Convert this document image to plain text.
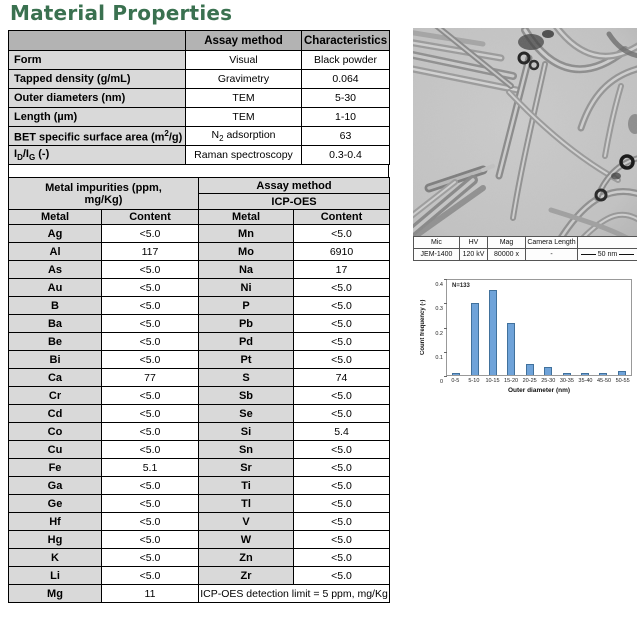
Material Properties
	Assay method	Characteristics
Form	Visual	Black powder
Tapped density (g/mL)	Gravimetry	0.064
Outer diameters (nm)	TEM	5-30
Length (µm)	TEM	1-10
BET specific surface area $(m^2/g)$	$N_2$ adsorption	63
$I_D/I_G$ (-)	Raman spectroscopy	0.3-0.4
Metal impurities (ppm, mg/Kg)		Assay method	
		ICP-OES	
Metal	Content	Metal	Content
Ag	<5.0	Mn	<5.0
Al	117	Mo	6910
As	<5.0	Na	17
Au	<5.0	Ni	<5.0
B	<5.0	P	<5.0
Ba	<5.0	Pb	<5.0
Be	<5.0	Pd	<5.0
Bi	<5.0	Pt	<5.0
Ca	77	S	74
Cr	<5.0	Sb	<5.0
Cd	<5.0	Se	<5.0
Co	<5.0	Si	5.4
Cu	<5.0	Sn	<5.0
Fe	5.1	Sr	<5.0
Ga	<5.0	Ti	<5.0
Ge	<5.0	Tl	<5.0
Hf	<5.0	V	<5.0
Hg	<5.0	W	<5.0
K	<5.0	Zn	<5.0
Li	<5.0	Zr	<5.0
Mg	11	ICP-OES detection limit = 5 ppm, mg/Kg	
Mic	HV	Mag	Camera Length	
JEM-1400	120 kV	80000 x	-	50 nm
Count frequency (-)
N=133
0-5	5-10	10-15 15-20 20-25 25-30 30-35 35-40 45-50 50-55
Outer diameter (nm)
0
0.1
0.2
0.3
0.4
